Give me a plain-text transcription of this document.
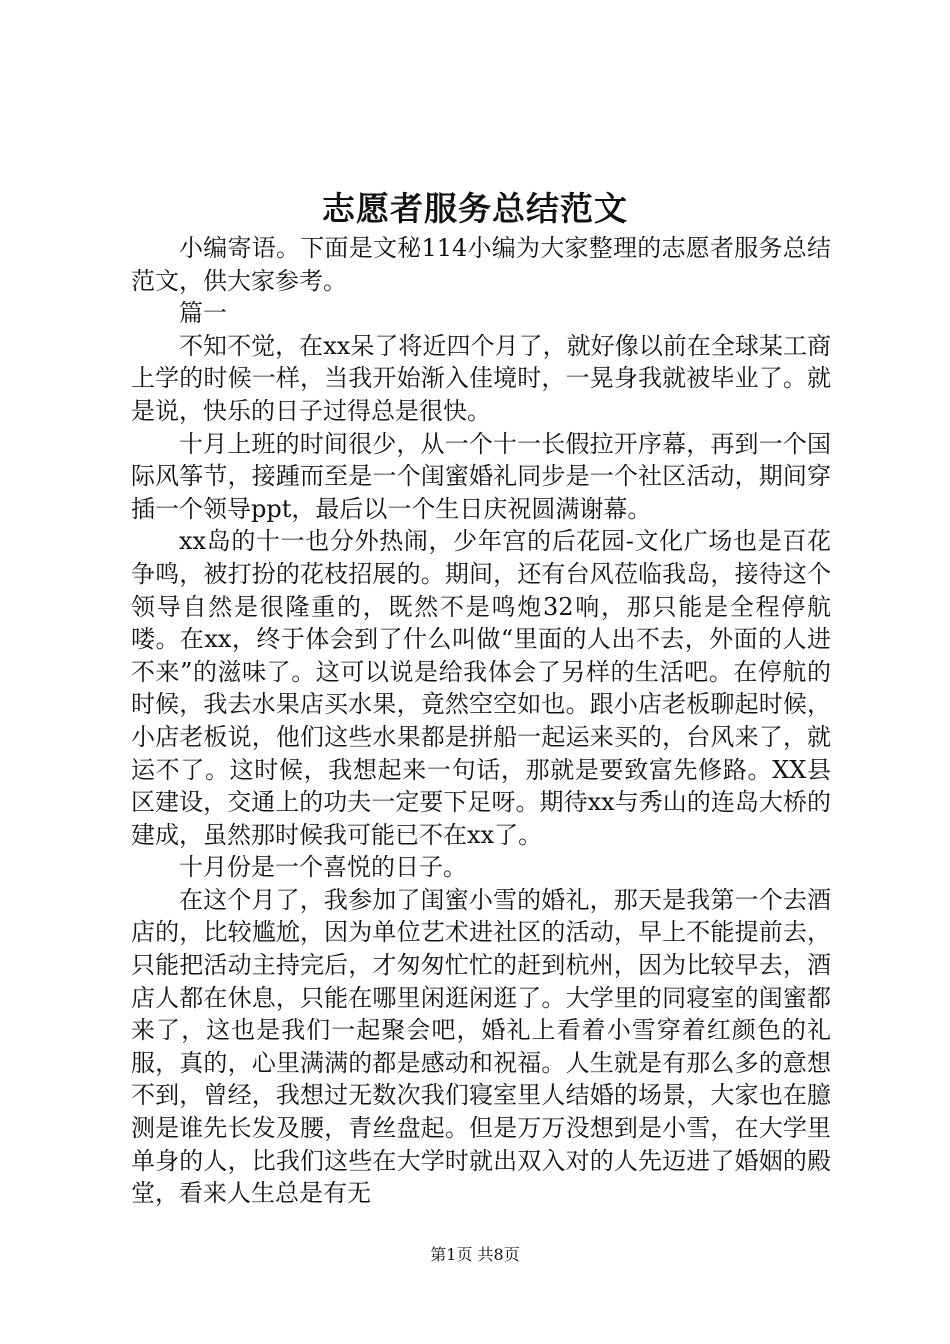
志愿者服务总结范文

小编寄语。下面是文秘114小编为大家整理的志愿者服务总结范文，供大家参考。

篇一

不知不觉，在xx呆了将近四个月了，就好像以前在全球某工商上学的时候一样，当我开始渐入佳境时，一晃身我就被毕业了。就是说，快乐的日子过得总是很快。

十月上班的时间很少，从一个十一长假拉开序幕，再到一个国际风筝节，接踵而至是一个闺蜜婚礼同步是一个社区活动，期间穿插一个领导ppt，最后以一个生日庆祝圆满谢幕。

xx岛的十一也分外热闹，少年宫的后花园-文化广场也是百花争鸣，被打扮的花枝招展的。期间，还有台风莅临我岛，接待这个领导自然是很隆重的，既然不是鸣炮32响，那只能是全程停航喽。在xx，终于体会到了什么叫做“里面的人出不去，外面的人进不来”的滋味了。这可以说是给我体会了另样的生活吧。在停航的时候，我去水果店买水果，竟然空空如也。跟小店老板聊起时候，小店老板说，他们这些水果都是拼船一起运来买的，台风来了，就运不了。这时候，我想起来一句话，那就是要致富先修路。XX县区建设，交通上的功夫一定要下足呀。期待xx与秀山的连岛大桥的建成，虽然那时候我可能已不在xx了。

十月份是一个喜悦的日子。

在这个月了，我参加了闺蜜小雪的婚礼，那天是我第一个去酒店的，比较尴尬，因为单位艺术进社区的活动，早上不能提前去，只能把活动主持完后，才匆匆忙忙的赶到杭州，因为比较早去，酒店人都在休息，只能在哪里闲逛闲逛了。大学里的同寝室的闺蜜都来了，这也是我们一起聚会吧，婚礼上看着小雪穿着红颜色的礼服，真的，心里满满的都是感动和祝福。人生就是有那么多的意想不到，曾经，我想过无数次我们寝室里人结婚的场景，大家也在臆测是谁先长发及腰，青丝盘起。但是万万没想到是小雪，在大学里单身的人，比我们这些在大学时就出双入对的人先迈进了婚姻的殿堂，看来人生总是有无

第1页 共8页
